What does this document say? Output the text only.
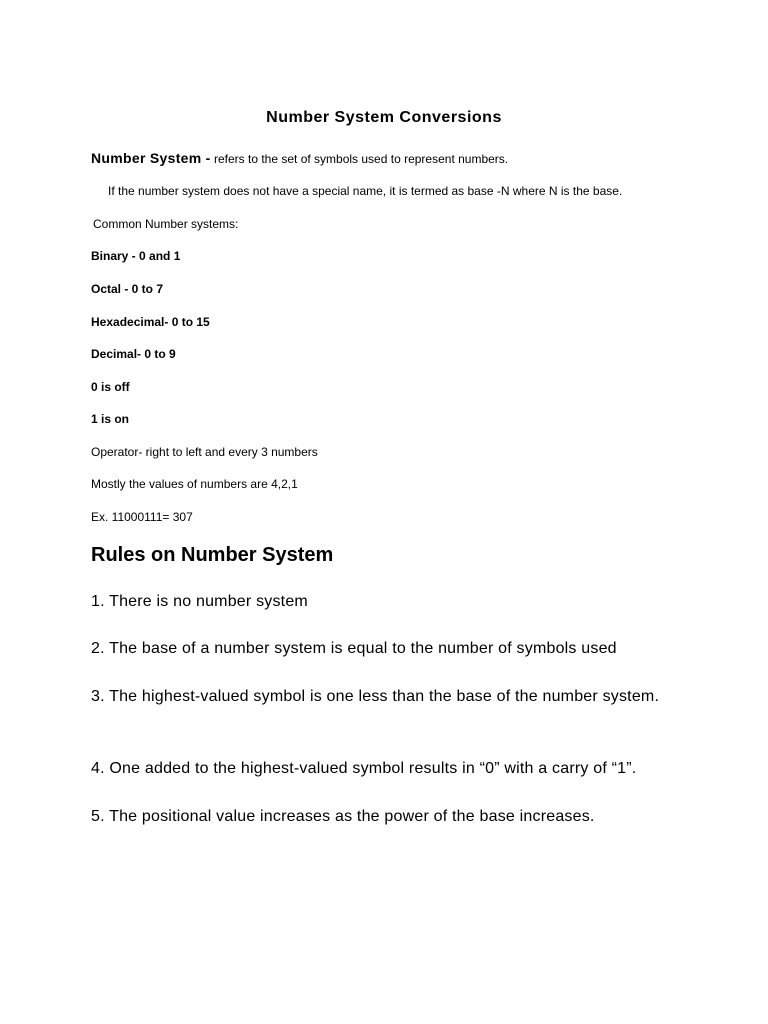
Number System Conversions
Number System - refers to the set of symbols used to represent numbers.
If the number system does not have a special name, it is termed as base -N where N is the base.
Common Number systems:
Binary - 0 and 1
Octal - 0 to 7
Hexadecimal- 0 to 15
Decimal- 0 to 9
0 is off
1 is on
Operator- right to left and every 3 numbers
Mostly the values of numbers are 4,2,1
Ex. 11000111= 307
Rules on Number System
1. There is no number system
2. The base of a number system is equal to the number of symbols used
3. The highest-valued symbol is one less than the base of the number system.
4. One added to the highest-valued symbol results in “0” with a carry of “1”.
5. The positional value increases as the power of the base increases.
